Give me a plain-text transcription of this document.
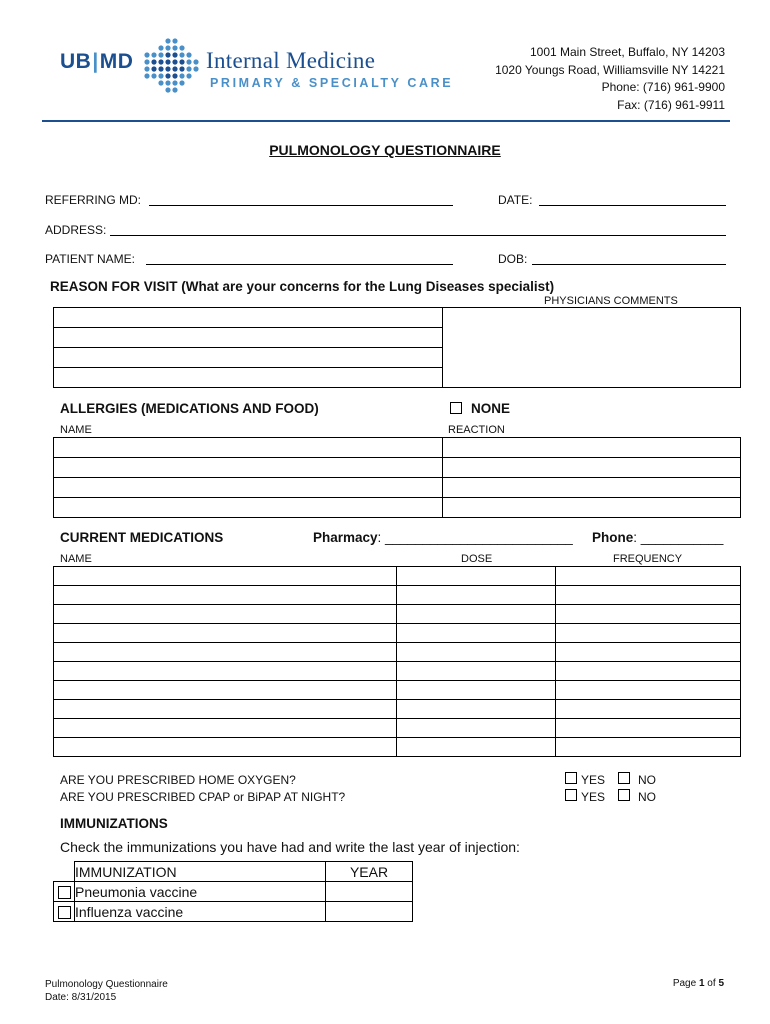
UB|MD	Internal Medicine
PRIMARY & SPECIALTY CARE
1001 Main Street, Buffalo, NY 14203
1020 Youngs Road, Williamsville NY 14221
Phone: (716) 961-9900
Fax: (716) 961-9911
PULMONOLOGY QUESTIONNAIRE
REFERRING MD:	DATE:
ADDRESS:
PATIENT NAME:	DOB:
REASON FOR VISIT (What are your concerns for the Lung Diseases specialist)
PHYSICIANS COMMENTS

ALLERGIES (MEDICATIONS AND FOOD)	NONE
NAME	REACTION

CURRENT MEDICATIONS	Pharmacy: _________________________ Phone: ___________
NAME	DOSE	FREQUENCY

ARE YOU PRESCRIBED HOME OXYGEN?
ARE YOU PRESCRIBED CPAP or BiPAP AT NIGHT?
YES	NO
YES	NO
IMMUNIZATIONS
Check the immunizations you have had and write the last year of injection:
	IMMUNIZATION	YEAR
	Pneumonia vaccine	
	Influenza vaccine	
Pulmonology Questionnaire
Date: 8/31/2015
Page 1 of 5
